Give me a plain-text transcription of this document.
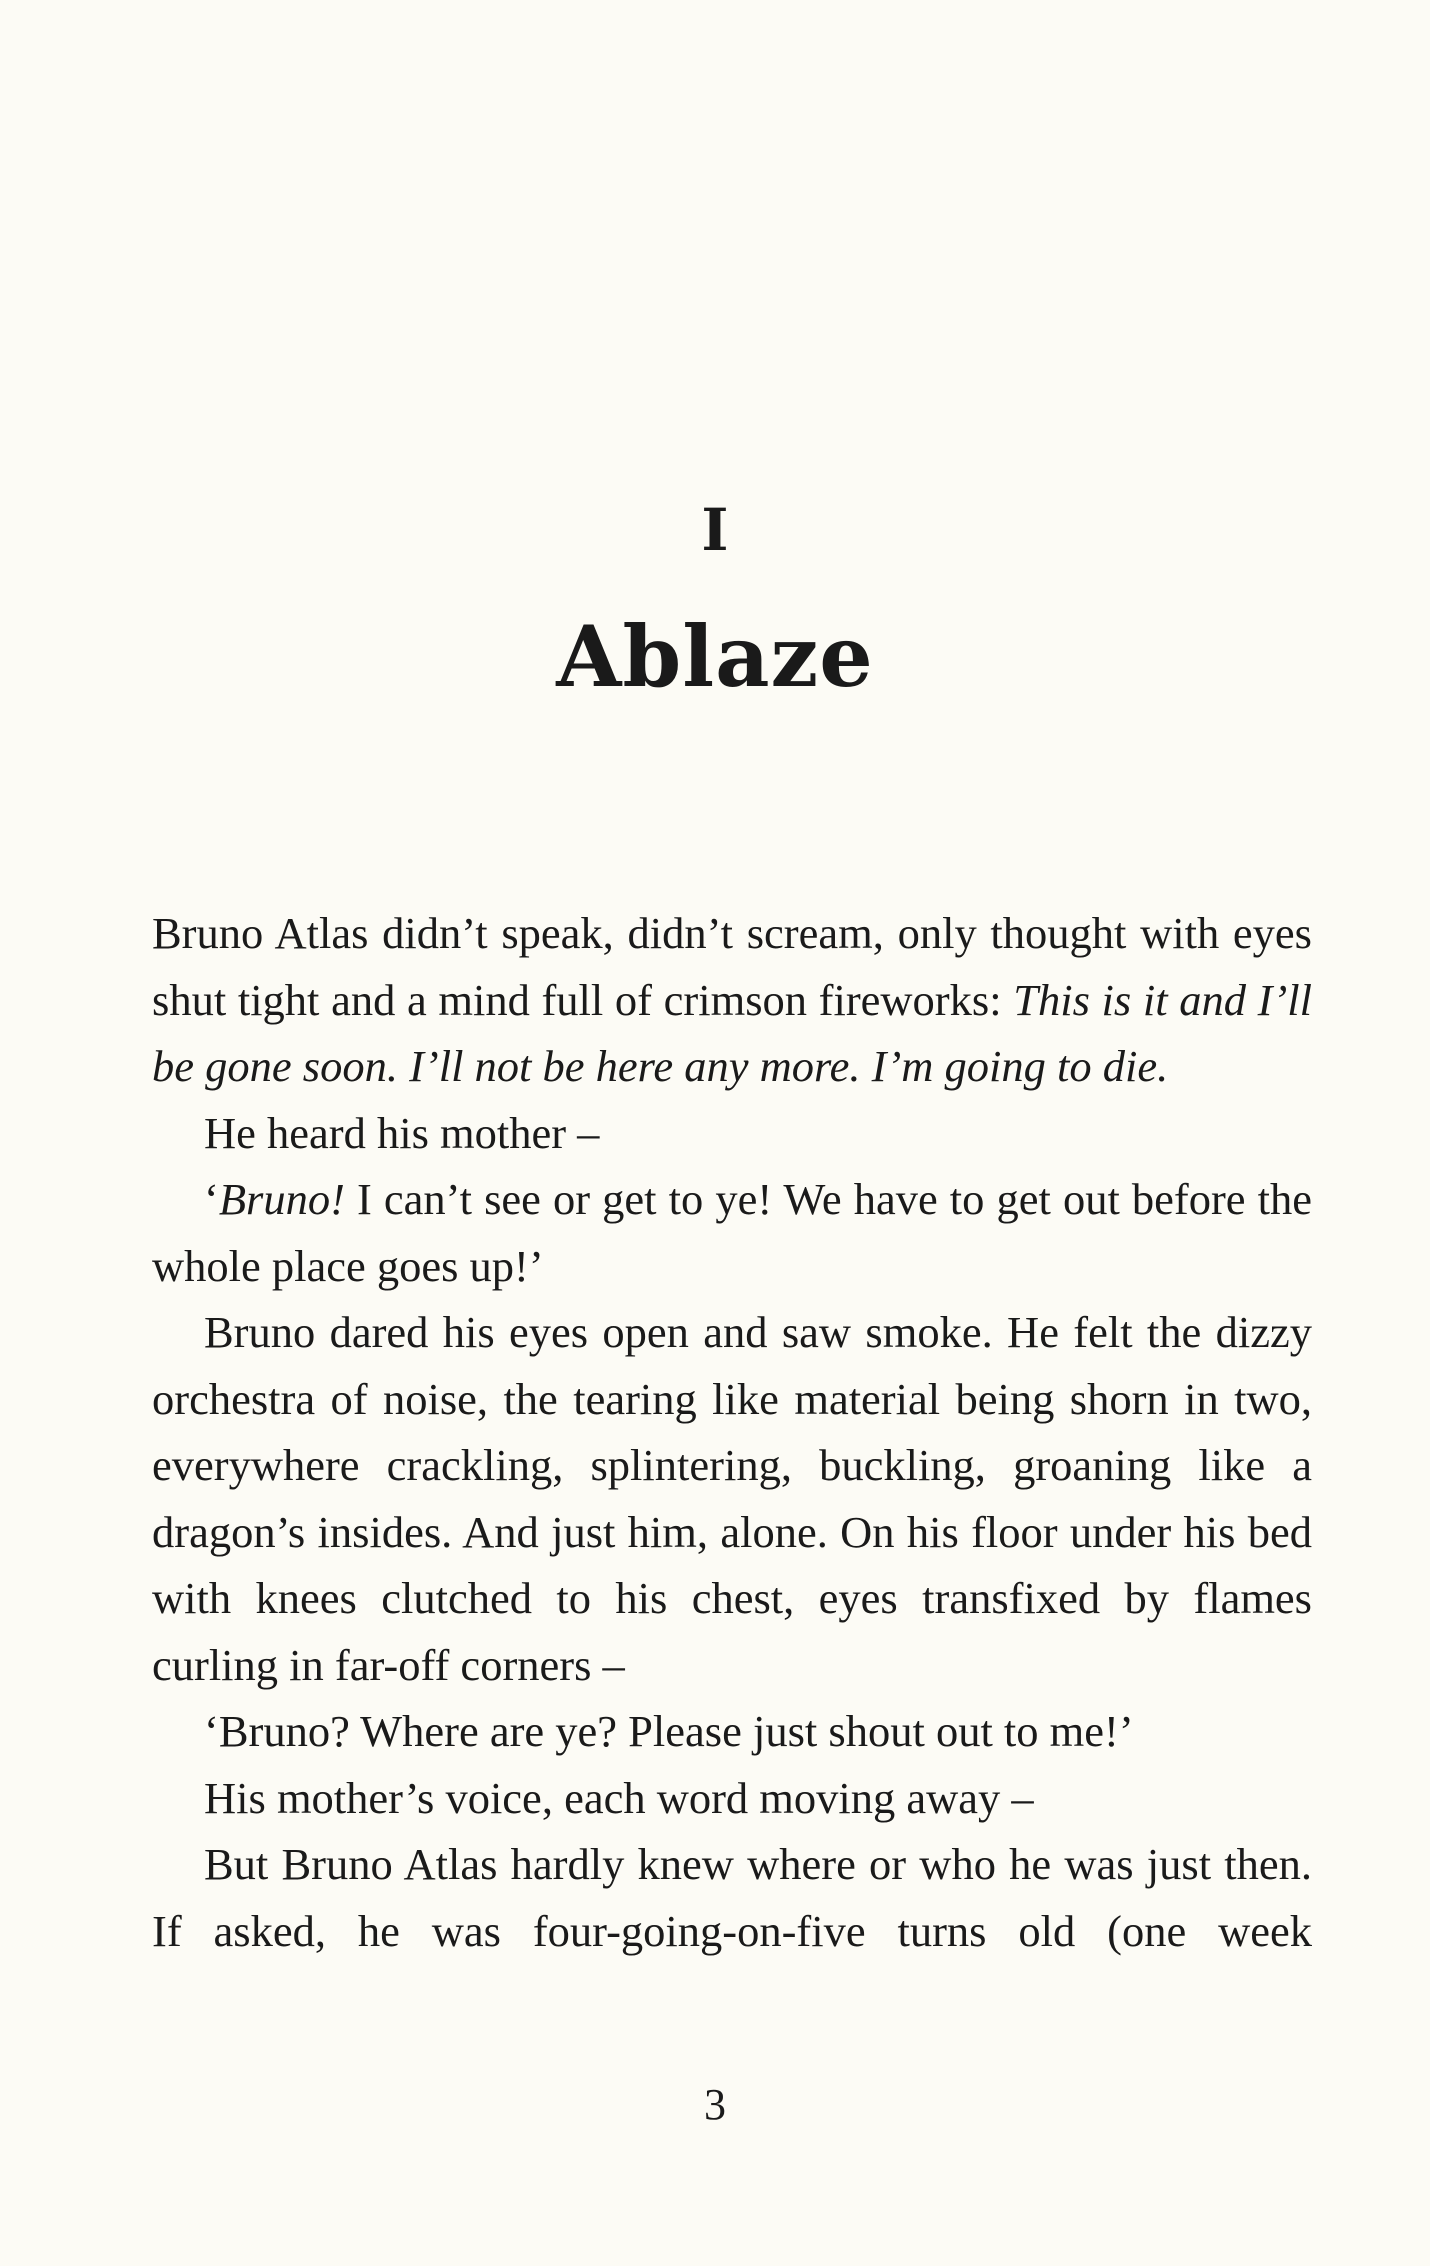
I
Ablaze

Bruno Atlas didn’t speak, didn’t scream, only thought with eyes shut tight and a mind full of crimson fireworks: This is it and I’ll be gone soon. I’ll not be here any more. I’m going to die.

He heard his mother –

‘Bruno! I can’t see or get to ye! We have to get out before the whole place goes up!’

Bruno dared his eyes open and saw smoke. He felt the dizzy orchestra of noise, the tearing like material being shorn in two, everywhere crackling, splintering, buckling, groaning like a dragon’s insides. And just him, alone. On his floor under his bed with knees clutched to his chest, eyes transfixed by flames curling in far-off corners –

‘Bruno? Where are ye? Please just shout out to me!’

His mother’s voice, each word moving away –

But Bruno Atlas hardly knew where or who he was just then. If asked, he was four-going-on-five turns old (one week

3
